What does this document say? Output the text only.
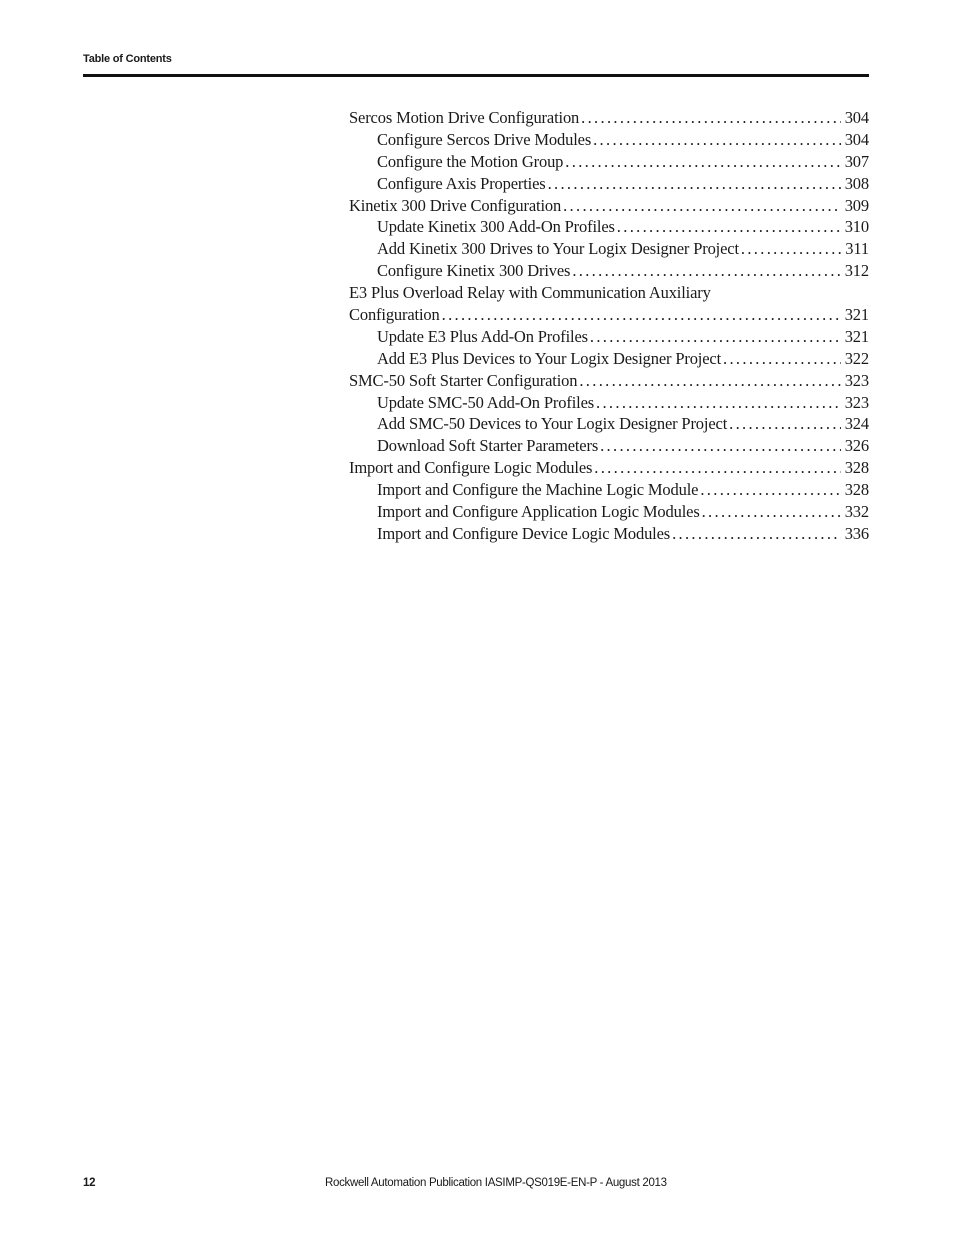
Table of Contents
Sercos Motion Drive Configuration . . .	304
Configure Sercos Drive Modules . . .	304
Configure the Motion Group . . .	307
Configure Axis Properties . . .	308
Kinetix 300 Drive Configuration . . .	309
Update Kinetix 300 Add-On Profiles . . .	310
Add Kinetix 300 Drives to Your Logix Designer Project . . .	311
Configure Kinetix 300 Drives . . .	312
E3 Plus Overload Relay with Communication Auxiliary
Configuration . . .	321
Update E3 Plus Add-On Profiles . . .	321
Add E3 Plus Devices to Your Logix Designer Project . . .	322
SMC-50 Soft Starter Configuration . . .	323
Update SMC-50 Add-On Profiles . . .	323
Add SMC-50 Devices to Your Logix Designer Project . . .	324
Download Soft Starter Parameters . . .	326
Import and Configure Logic Modules . . .	328
Import and Configure the Machine Logic Module . . .	328
Import and Configure Application Logic Modules . . .	332
Import and Configure Device Logic Modules . . .	336
12	Rockwell Automation Publication IASIMP-QS019E-EN-P - August 2013
